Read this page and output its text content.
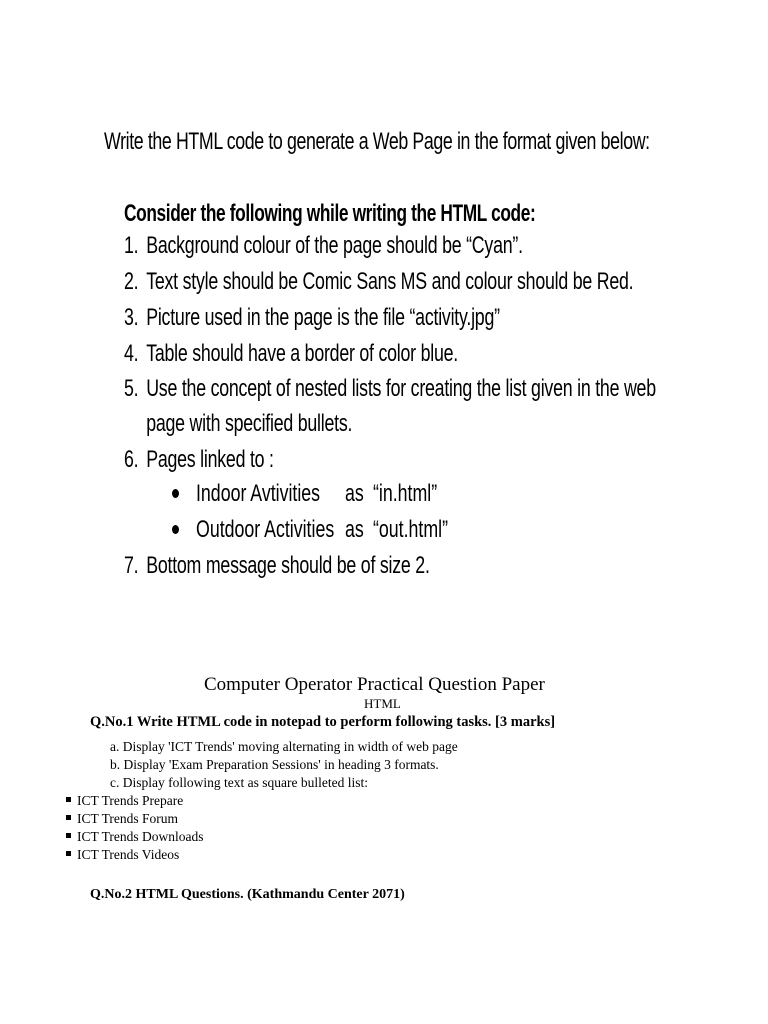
Write the HTML code to generate a Web Page in the format given below:
Consider the following while writing the HTML code:
1. Background colour of the page should be “Cyan”.
2. Text style should be Comic Sans MS and colour should be Red.
3. Picture used in the page is the file “activity.jpg”
4. Table should have a border of color blue.
5. Use the concept of nested lists for creating the list given in the web
page with specified bullets.
6. Pages linked to :
Indoor Avtivities as “in.html”
Outdoor Activities as “out.html”
7. Bottom message should be of size 2.
Computer Operator Practical Question Paper
HTML
Q.No.1 Write HTML code in notepad to perform following tasks. [3 marks]
a. Display 'ICT Trends' moving alternating in width of web page
b. Display 'Exam Preparation Sessions' in heading 3 formats.
c. Display following text as square bulleted list:
ICT Trends Prepare
ICT Trends Forum
ICT Trends Downloads
ICT Trends Videos
Q.No.2 HTML Questions. (Kathmandu Center 2071)
